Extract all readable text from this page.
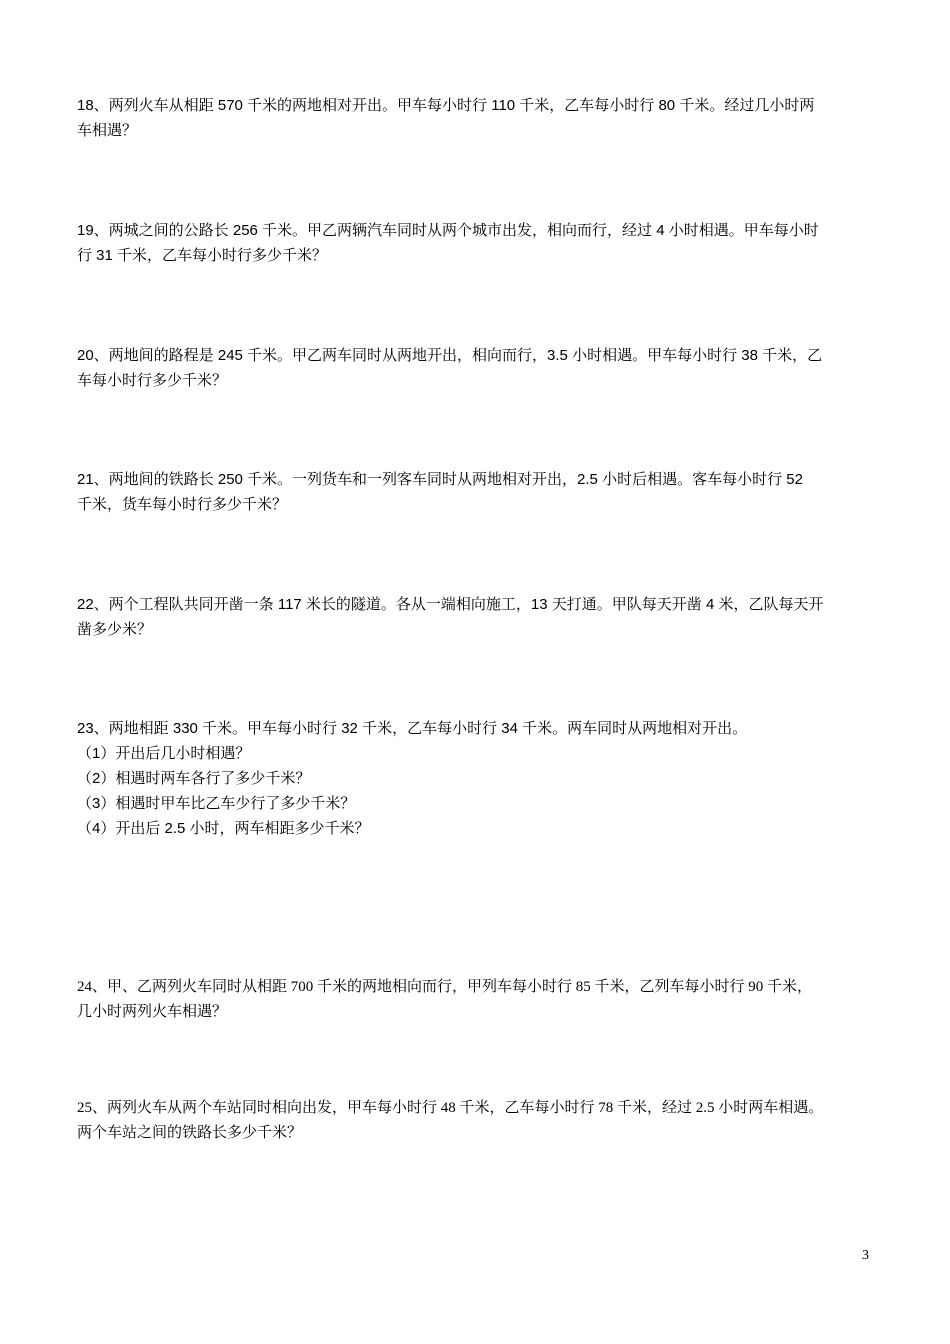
18、两列火车从相距 570 千米的两地相对开出。甲车每小时行 110 千米，乙车每小时行 80 千米。经过几小时两
车相遇？
19、两城之间的公路长 256 千米。甲乙两辆汽车同时从两个城市出发，相向而行，经过 4 小时相遇。甲车每小时
行 31 千米，乙车每小时行多少千米？
20、两地间的路程是 245 千米。甲乙两车同时从两地开出，相向而行，3.5 小时相遇。甲车每小时行 38 千米，乙
车每小时行多少千米？
21、两地间的铁路长 250 千米。一列货车和一列客车同时从两地相对开出，2.5 小时后相遇。客车每小时行 52
千米，货车每小时行多少千米？
22、两个工程队共同开凿一条 117 米长的隧道。各从一端相向施工，13 天打通。甲队每天开凿 4 米，乙队每天开
凿多少米？
23、两地相距 330 千米。甲车每小时行 32 千米，乙车每小时行 34 千米。两车同时从两地相对开出。
（1）开出后几小时相遇？
（2）相遇时两车各行了多少千米？
（3）相遇时甲车比乙车少行了多少千米？
（4）开出后 2.5 小时，两车相距多少千米？
24、甲、乙两列火车同时从相距 700 千米的两地相向而行，甲列车每小时行 85 千米，乙列车每小时行 90 千米，
几小时两列火车相遇？
25、两列火车从两个车站同时相向出发，甲车每小时行 48 千米，乙车每小时行 78 千米，经过 2.5 小时两车相遇。
两个车站之间的铁路长多少千米？
3
